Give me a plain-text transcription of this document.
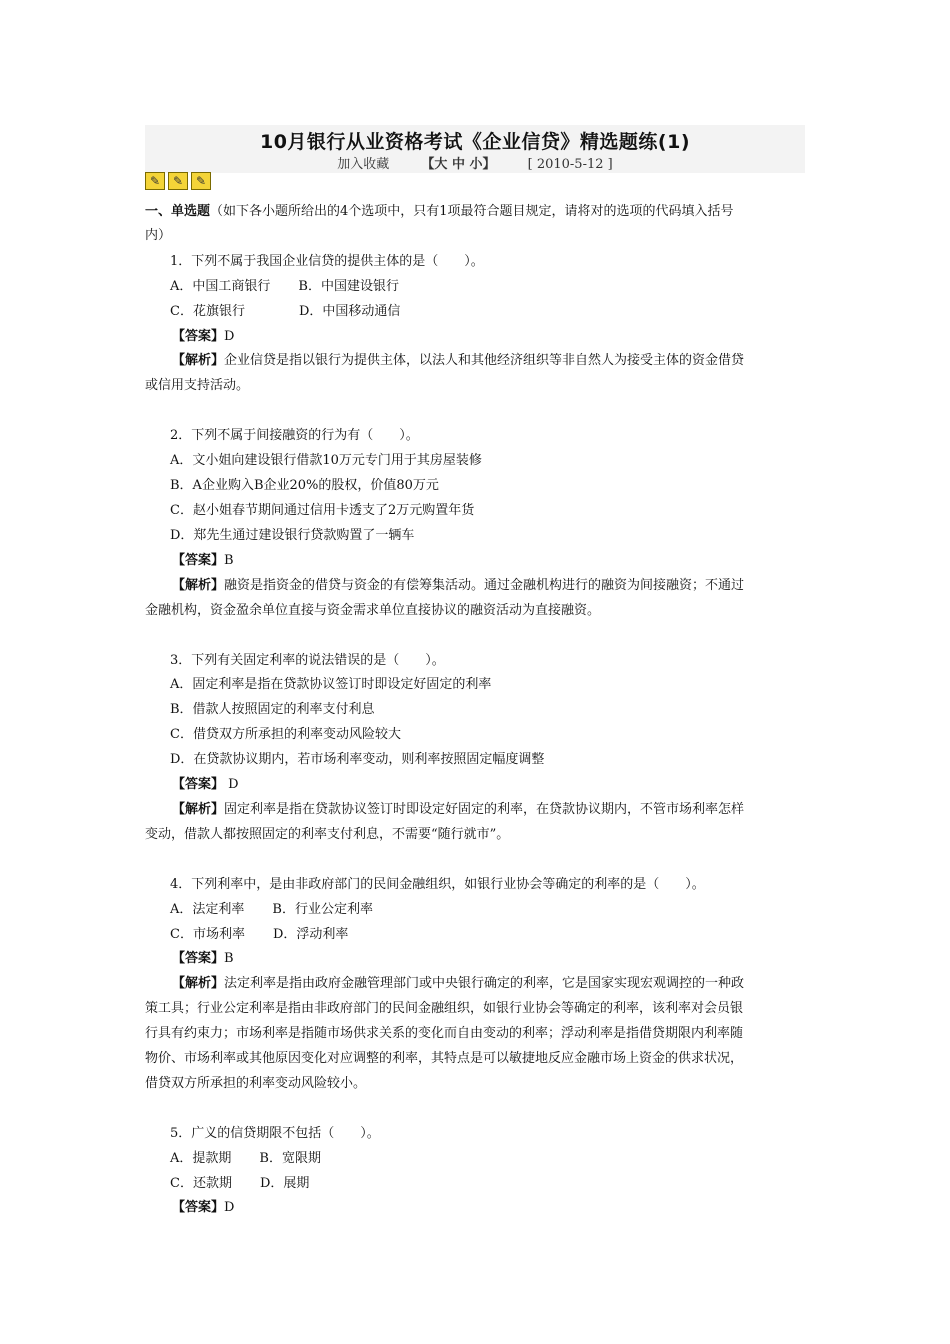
10月银行从业资格考试《企业信贷》精选题练(1)
加入收藏 【大 中 小】 [ 2010-5-12 ]
✎	✎	✎
一、单选题（如下各小题所给出的4个选项中，只有1项最符合题目规定，请将对的选项的代码填入括号
内）
1．下列不属于我国企业信贷的提供主体的是（　　）。
A．中国工商银行 B．中国建设银行
C．花旗银行	D．中国移动通信
【答案】D
【解析】企业信贷是指以银行为提供主体，以法人和其他经济组织等非自然人为接受主体的资金借贷
或信用支持活动。
2．下列不属于间接融资的行为有（　　）。
A．文小姐向建设银行借款10万元专门用于其房屋装修
B．A企业购入B企业20%的股权，价值80万元
C．赵小姐春节期间通过信用卡透支了2万元购置年货
D．郑先生通过建设银行贷款购置了一辆车
【答案】B
【解析】融资是指资金的借贷与资金的有偿筹集活动。通过金融机构进行的融资为间接融资；不通过
金融机构，资金盈余单位直接与资金需求单位直接协议的融资活动为直接融资。
3．下列有关固定利率的说法错误的是（　　）。
A．固定利率是指在贷款协议签订时即设定好固定的利率
B．借款人按照固定的利率支付利息
C．借贷双方所承担的利率变动风险较大
D．在贷款协议期内，若市场利率变动，则利率按照固定幅度调整
【答案】 D
【解析】固定利率是指在贷款协议签订时即设定好固定的利率，在贷款协议期内，不管市场利率怎样
变动，借款人都按照固定的利率支付利息，不需要“随行就市”。
4．下列利率中，是由非政府部门的民间金融组织，如银行业协会等确定的利率的是（　　）。
A．法定利率 B．行业公定利率
C．市场利率 D．浮动利率
【答案】B
【解析】法定利率是指由政府金融管理部门或中央银行确定的利率，它是国家实现宏观调控的一种政
策工具；行业公定利率是指由非政府部门的民间金融组织，如银行业协会等确定的利率，该利率对会员银
行具有约束力；市场利率是指随市场供求关系的变化而自由变动的利率；浮动利率是指借贷期限内利率随
物价、市场利率或其他原因变化对应调整的利率，其特点是可以敏捷地反应金融市场上资金的供求状况，
借贷双方所承担的利率变动风险较小。
5．广义的信贷期限不包括（　　）。
A．提款期 B．宽限期
C．还款期 D．展期
【答案】D
